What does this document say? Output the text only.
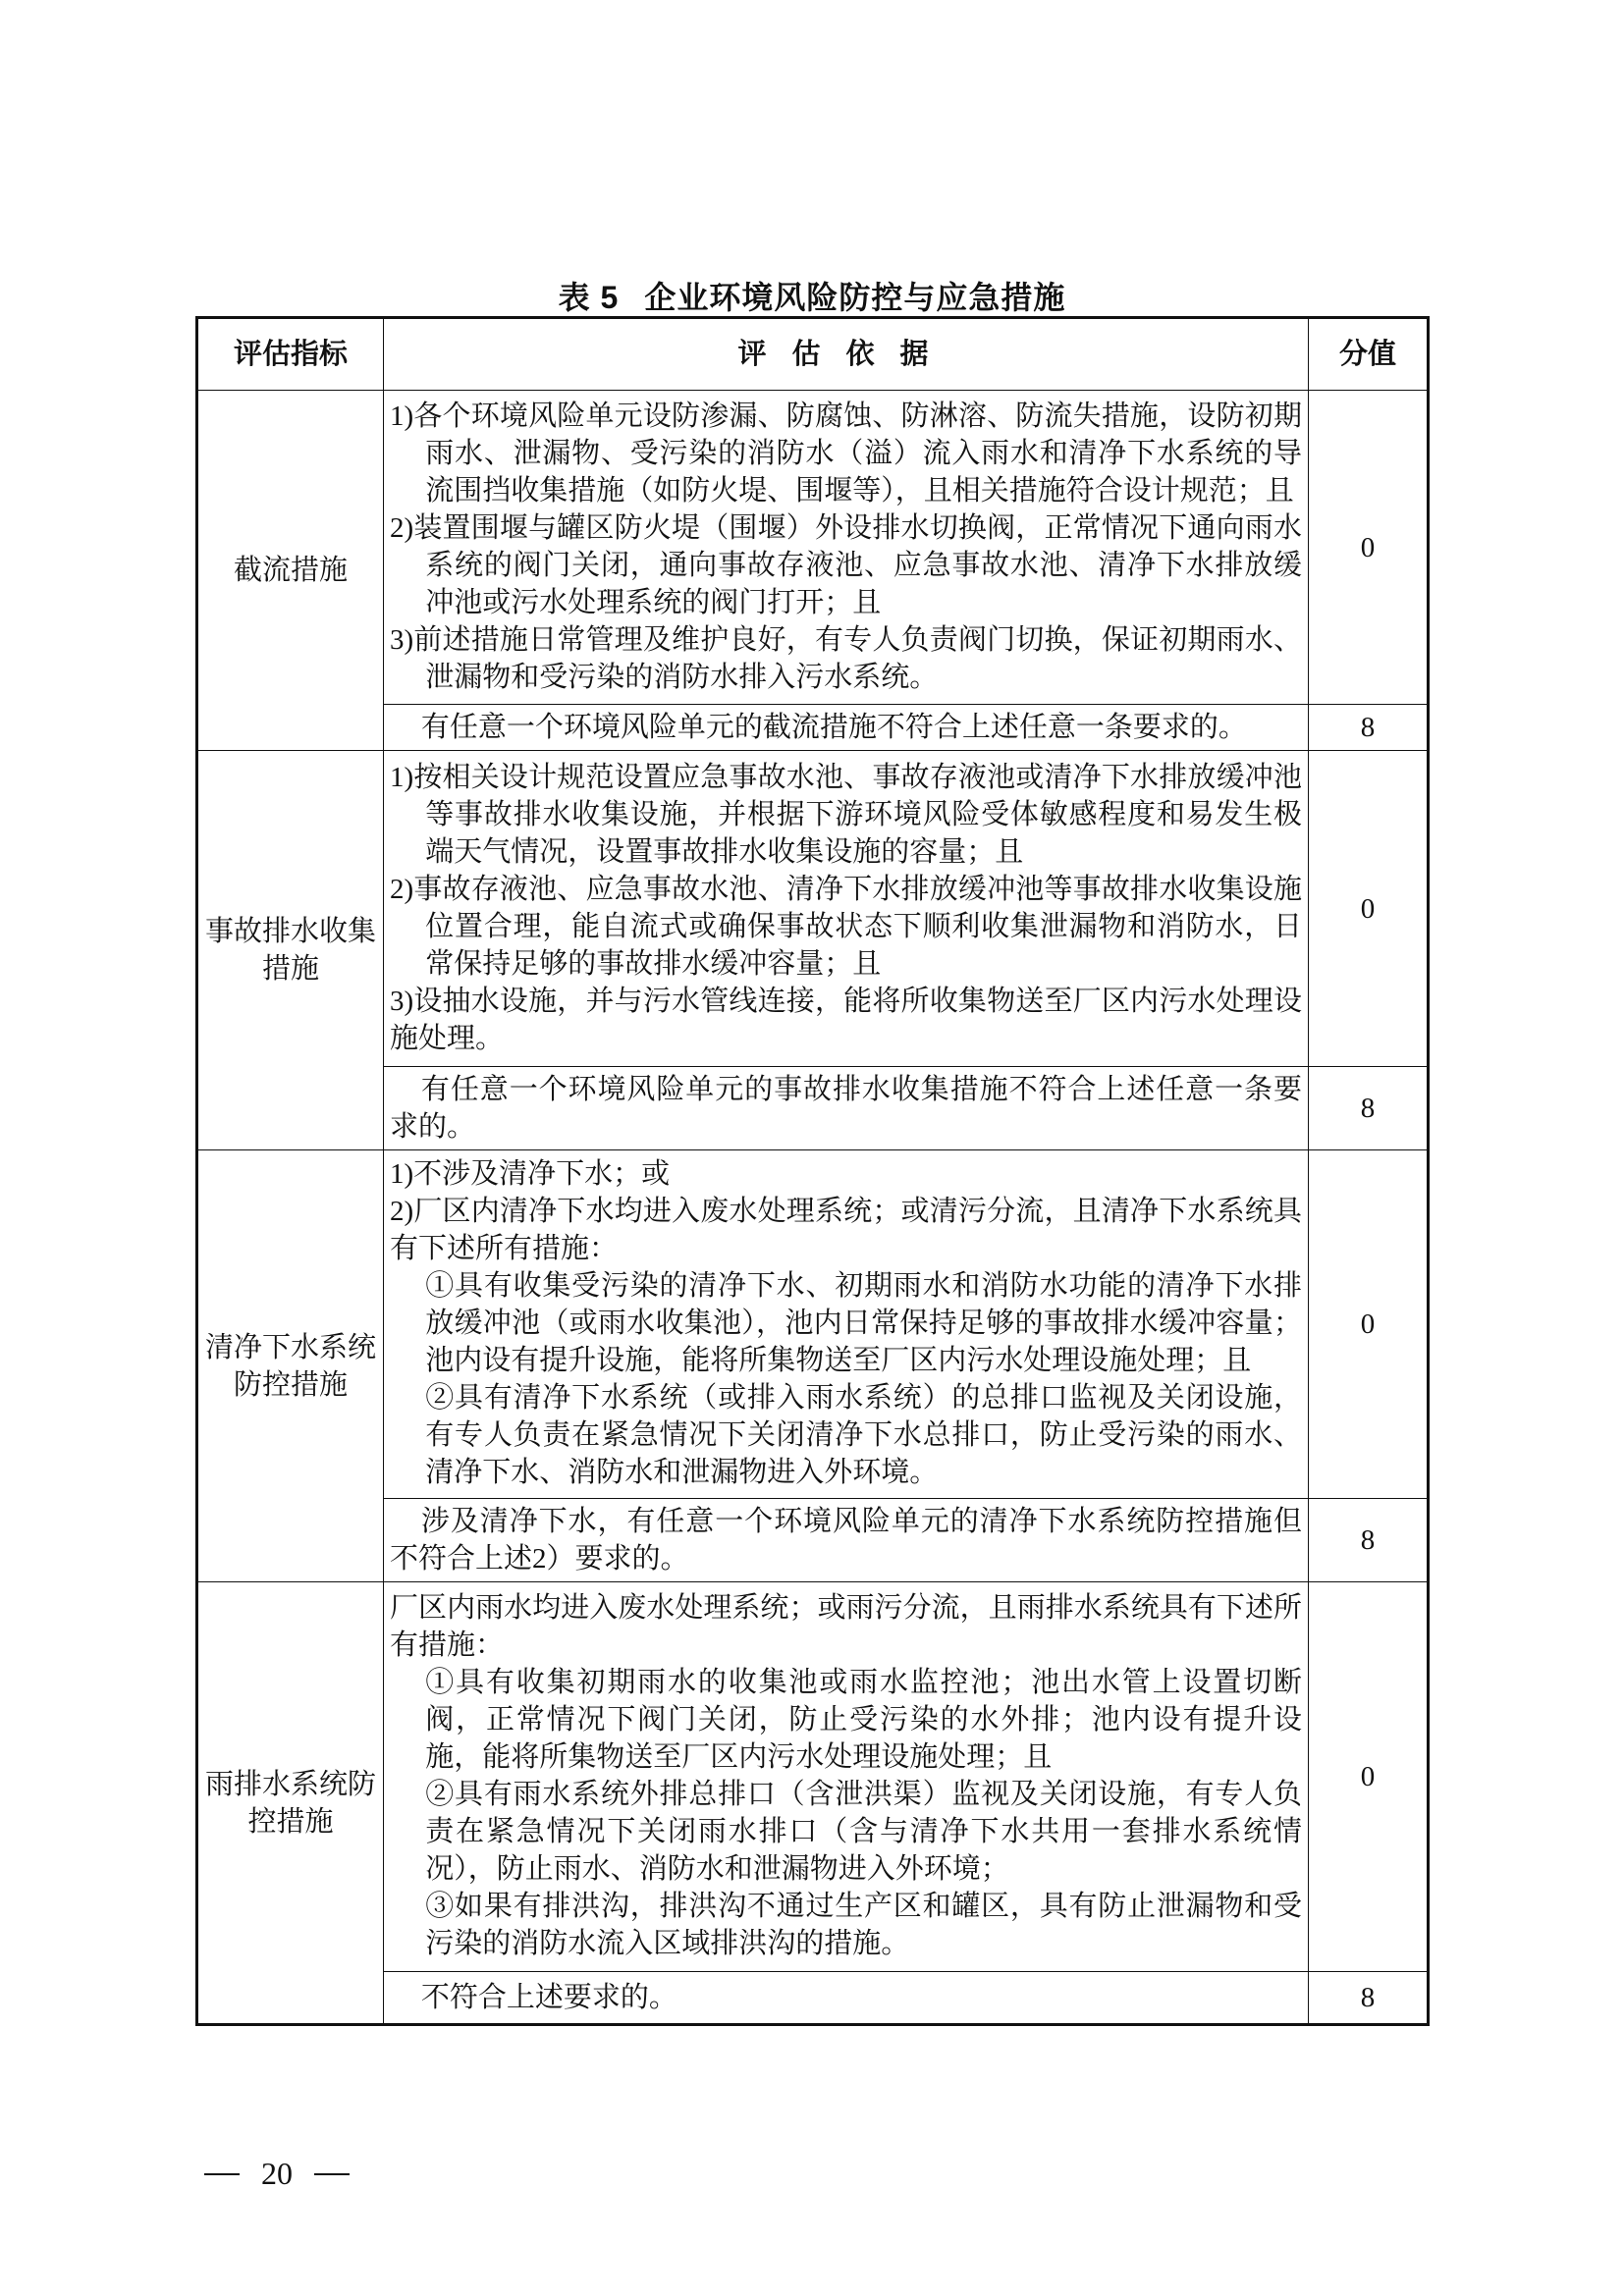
表 5 企业环境风险防控与应急措施
评估指标	评估依据	分值
截流措施	1)各个环境风险单元设防渗漏、防腐蚀、防淋溶、防流失措施，设防初期雨水、泄漏物、受污染的消防水（溢）流入雨水和清净下水系统的导流围挡收集措施（如防火堤、围堰等），且相关措施符合设计规范；且

2)装置围堰与罐区防火堤（围堰）外设排水切换阀，正常情况下通向雨水系统的阀门关闭，通向事故存液池、应急事故水池、清净下水排放缓冲池或污水处理系统的阀门打开；且

3)前述措施日常管理及维护良好，有专人负责阀门切换，保证初期雨水、泄漏物和受污染的消防水排入污水系统。	0
	有任意一个环境风险单元的截流措施不符合上述任意一条要求的。	8
事故排水收集措施	1)按相关设计规范设置应急事故水池、事故存液池或清净下水排放缓冲池等事故排水收集设施，并根据下游环境风险受体敏感程度和易发生极端天气情况，设置事故排水收集设施的容量；且

2)事故存液池、应急事故水池、清净下水排放缓冲池等事故排水收集设施位置合理，能自流式或确保事故状态下顺利收集泄漏物和消防水，日常保持足够的事故排水缓冲容量；且

3)设抽水设施，并与污水管线连接，能将所收集物送至厂区内污水处理设施处理。	0
	有任意一个环境风险单元的事故排水收集措施不符合上述任意一条要求的。	8
清净下水系统防控措施	1)不涉及清净下水；或

2)厂区内清净下水均进入废水处理系统；或清污分流，且清净下水系统具有下述所有措施：

①具有收集受污染的清净下水、初期雨水和消防水功能的清净下水排放缓冲池（或雨水收集池），池内日常保持足够的事故排水缓冲容量；池内设有提升设施，能将所集物送至厂区内污水处理设施处理；且

②具有清净下水系统（或排入雨水系统）的总排口监视及关闭设施，有专人负责在紧急情况下关闭清净下水总排口，防止受污染的雨水、清净下水、消防水和泄漏物进入外环境。	0
	涉及清净下水，有任意一个环境风险单元的清净下水系统防控措施但不符合上述2）要求的。	8
雨排水系统防控措施	厂区内雨水均进入废水处理系统；或雨污分流，且雨排水系统具有下述所有措施：

①具有收集初期雨水的收集池或雨水监控池；池出水管上设置切断阀，正常情况下阀门关闭，防止受污染的水外排；池内设有提升设施，能将所集物送至厂区内污水处理设施处理；且

②具有雨水系统外排总排口（含泄洪渠）监视及关闭设施，有专人负责在紧急情况下关闭雨水排口（含与清净下水共用一套排水系统情况），防止雨水、消防水和泄漏物进入外环境；

③如果有排洪沟，排洪沟不通过生产区和罐区，具有防止泄漏物和受污染的消防水流入区域排洪沟的措施。	0
	不符合上述要求的。	8
20
